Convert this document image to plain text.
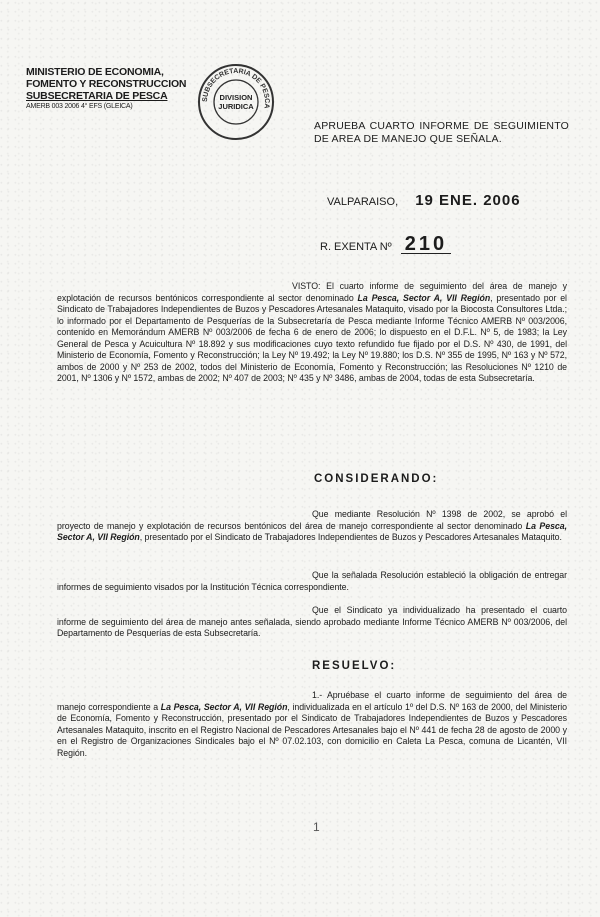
MINISTERIO DE ECONOMIA,
FOMENTO Y RECONSTRUCCION
SUBSECRETARIA DE PESCA
AMERB 003 2006 4° EFS (GLEICA)
SUBSECRETARIA DE PESCA
DIVISION
JURIDICA
APRUEBA CUARTO INFORME DE SEGUIMIENTO DE AREA DE MANEJO QUE SEÑALA.
VALPARAISO, 19 ENE. 2006
R. EXENTA Nº 210
VISTO: El cuarto informe de seguimiento del área de manejo y explotación de recursos bentónicos correspondiente al sector denominado La Pesca, Sector A, VII Región, presentado por el Sindicato de Trabajadores Independientes de Buzos y Pescadores Artesanales Mataquito, visado por la Biocosta Consultores Ltda.; lo informado por el Departamento de Pesquerías de la Subsecretaría de Pesca mediante Informe Técnico AMERB Nº 003/2006, contenido en Memorándum AMERB Nº 003/2006 de fecha 6 de enero de 2006; lo dispuesto en el D.F.L. Nº 5, de 1983; la Ley General de Pesca y Acuicultura Nº 18.892 y sus modificaciones cuyo texto refundido fue fijado por el D.S. Nº 430, de 1991, del Ministerio de Economía, Fomento y Reconstrucción; la Ley Nº 19.492; la Ley Nº 19.880; los D.S. Nº 355 de 1995, Nº 163 y Nº 572, ambos de 2000 y Nº 253 de 2002, todos del Ministerio de Economía, Fomento y Reconstrucción; las Resoluciones Nº 1210 de 2001, Nº 1306 y Nº 1572, ambas de 2002; Nº 407 de 2003; Nº 435 y Nº 3486, ambas de 2004, todas de esta Subsecretaría.
CONSIDERANDO:
Que mediante Resolución Nº 1398 de 2002, se aprobó el proyecto de manejo y explotación de recursos bentónicos del área de manejo correspondiente al sector denominado La Pesca, Sector A, VII Región, presentado por el Sindicato de Trabajadores Independientes de Buzos y Pescadores Artesanales Mataquito.
Que la señalada Resolución estableció la obligación de entregar informes de seguimiento visados por la Institución Técnica correspondiente.
Que el Sindicato ya individualizado ha presentado el cuarto informe de seguimiento del área de manejo antes señalada, siendo aprobado mediante Informe Técnico AMERB Nº 003/2006, del Departamento de Pesquerías de esta Subsecretaría.
RESUELVO:
1.- Apruébase el cuarto informe de seguimiento del área de manejo correspondiente a La Pesca, Sector A, VII Región, individualizada en el artículo 1º del D.S. Nº 163 de 2000, del Ministerio de Economía, Fomento y Reconstrucción, presentado por el Sindicato de Trabajadores Independientes de Buzos y Pescadores Artesanales Mataquito, inscrito en el Registro Nacional de Pescadores Artesanales bajo el Nº 441 de fecha 28 de agosto de 2000 y en el Registro de Organizaciones Sindicales bajo el Nº 07.02.103, con domicilio en Caleta La Pesca, comuna de Licantén, VII Región.
1
